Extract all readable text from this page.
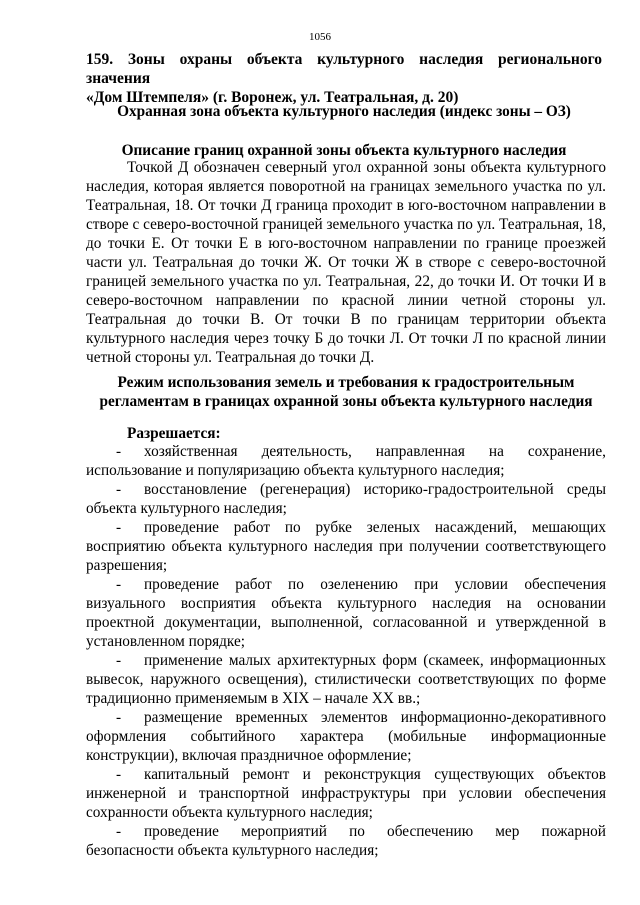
1056
159. Зоны охраны объекта культурного наследия регионального значения
«Дом Штемпеля» (г. Воронеж, ул. Театральная, д. 20)
Охранная зона объекта культурного наследия (индекс зоны – ОЗ)
Описание границ охранной зоны объекта культурного наследия

Точкой Д обозначен северный угол охранной зоны объекта культурного наследия, которая является поворотной на границах земельного участка по ул. Театральная, 18. От точки Д граница проходит в юго-восточном направлении в створе с северо-восточной границей земельного участка по ул. Театральная, 18, до точки Е. От точки Е в юго-восточном направлении по границе проезжей части ул. Театральная до точки Ж. От точки Ж в створе с северо-восточной границей земельного участка по ул. Театральная, 22, до точки И. От точки И в северо-восточном направлении по красной линии четной стороны ул. Театральная до точки В. От точки В по границам территории объекта культурного наследия через точку Б до точки Л. От точки Л по красной линии четной стороны ул. Театральная до точки Д.

Режим использования земель и требования к градостроительным регламентам в границах охранной зоны объекта культурного наследия
Разрешается:
- хозяйственная деятельность, направленная на сохранение, использование и популяризацию объекта культурного наследия;
- восстановление (регенерация) историко-градостроительной среды объекта культурного наследия;
- проведение работ по рубке зеленых насаждений, мешающих восприятию объекта культурного наследия при получении соответствующего разрешения;
- проведение работ по озеленению при условии обеспечения визуального восприятия объекта культурного наследия на основании проектной документации, выполненной, согласованной и утвержденной в установленном порядке;
- применение малых архитектурных форм (скамеек, информационных вывесок, наружного освещения), стилистически соответствующих по форме традиционно применяемым в XIX – начале XX вв.;
- размещение временных элементов информационно-декоративного оформления событийного характера (мобильные информационные конструкции), включая праздничное оформление;
- капитальный ремонт и реконструкция существующих объектов инженерной и транспортной инфраструктуры при условии обеспечения сохранности объекта культурного наследия;
- проведение мероприятий по обеспечению мер пожарной безопасности объекта культурного наследия;
